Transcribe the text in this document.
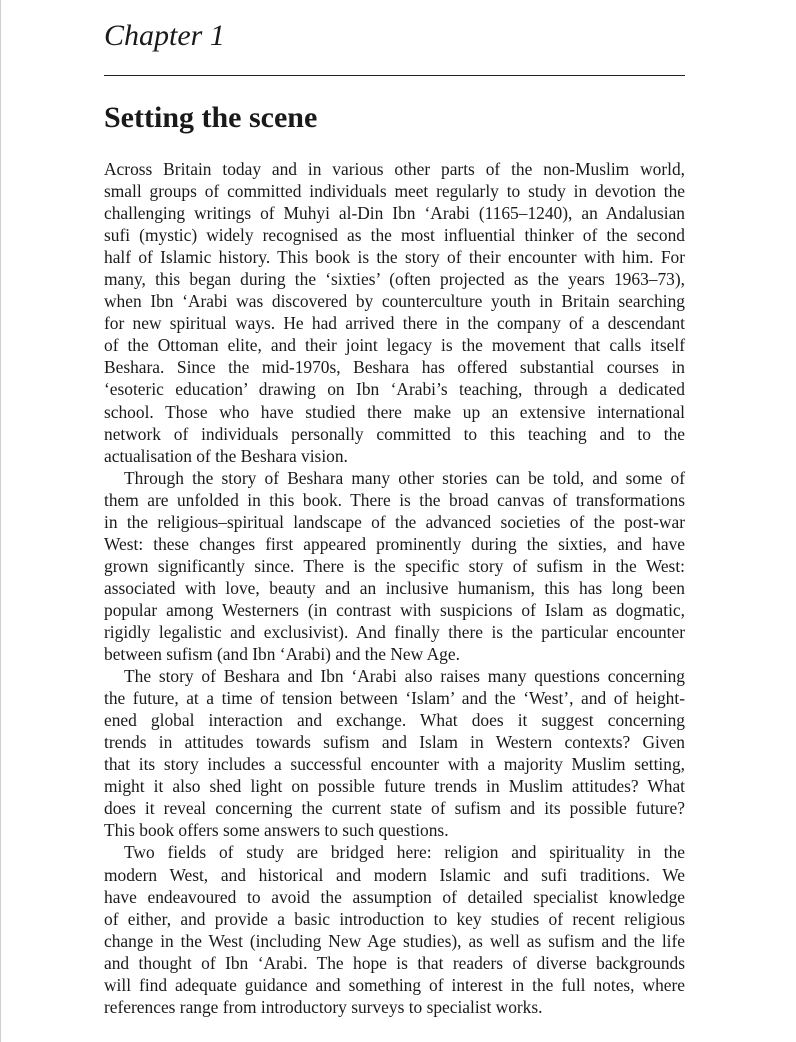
Chapter 1
Setting the scene
Across Britain today and in various other parts of the non-Muslim world,
small groups of committed individuals meet regularly to study in devotion the
challenging writings of Muhyi al-Din Ibn ‘Arabi (1165–1240), an Andalusian
sufi (mystic) widely recognised as the most influential thinker of the second
half of Islamic history. This book is the story of their encounter with him. For
many, this began during the ‘sixties’ (often projected as the years 1963–73),
when Ibn ‘Arabi was discovered by counterculture youth in Britain searching
for new spiritual ways. He had arrived there in the company of a descendant
of the Ottoman elite, and their joint legacy is the movement that calls itself
Beshara. Since the mid-1970s, Beshara has offered substantial courses in
‘esoteric education’ drawing on Ibn ‘Arabi’s teaching, through a dedicated
school. Those who have studied there make up an extensive international
network of individuals personally committed to this teaching and to the
actualisation of the Beshara vision.
Through the story of Beshara many other stories can be told, and some of
them are unfolded in this book. There is the broad canvas of transformations
in the religious–spiritual landscape of the advanced societies of the post-war
West: these changes first appeared prominently during the sixties, and have
grown significantly since. There is the specific story of sufism in the West:
associated with love, beauty and an inclusive humanism, this has long been
popular among Westerners (in contrast with suspicions of Islam as dogmatic,
rigidly legalistic and exclusivist). And finally there is the particular encounter
between sufism (and Ibn ‘Arabi) and the New Age.
The story of Beshara and Ibn ‘Arabi also raises many questions concerning
the future, at a time of tension between ‘Islam’ and the ‘West’, and of height-
ened global interaction and exchange. What does it suggest concerning
trends in attitudes towards sufism and Islam in Western contexts? Given
that its story includes a successful encounter with a majority Muslim setting,
might it also shed light on possible future trends in Muslim attitudes? What
does it reveal concerning the current state of sufism and its possible future?
This book offers some answers to such questions.
Two fields of study are bridged here: religion and spirituality in the
modern West, and historical and modern Islamic and sufi traditions. We
have endeavoured to avoid the assumption of detailed specialist knowledge
of either, and provide a basic introduction to key studies of recent religious
change in the West (including New Age studies), as well as sufism and the life
and thought of Ibn ‘Arabi. The hope is that readers of diverse backgrounds
will find adequate guidance and something of interest in the full notes, where
references range from introductory surveys to specialist works.
